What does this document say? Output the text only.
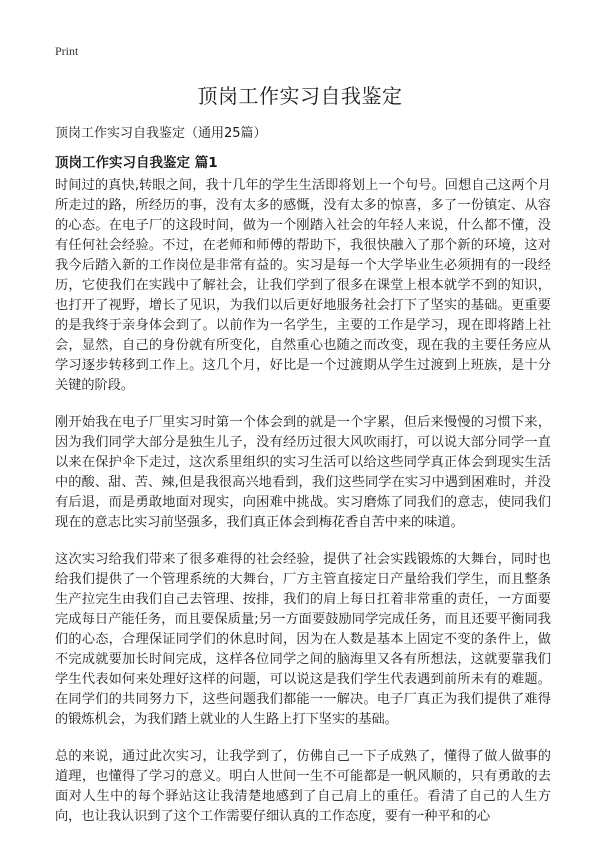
Print
顶岗工作实习自我鉴定

顶岗工作实习自我鉴定（通用25篇）

顶岗工作实习自我鉴定 篇1

时间过的真快,转眼之间，我十几年的学生生活即将划上一个句号。回想自己这两个月所走过的路，所经历的事，没有太多的感慨，没有太多的惊喜，多了一份镇定、从容的心态。在电子厂的这段时间，做为一个刚踏入社会的年轻人来说，什么都不懂，没有任何社会经验。不过，在老师和师傅的帮助下，我很快融入了那个新的环境，这对我今后踏入新的工作岗位是非常有益的。实习是每一个大学毕业生必须拥有的一段经历，它使我们在实践中了解社会，让我们学到了很多在课堂上根本就学不到的知识，也打开了视野，增长了见识，为我们以后更好地服务社会打下了坚实的基础。更重要的是我终于亲身体会到了。以前作为一名学生，主要的工作是学习，现在即将踏上社会，显然，自己的身份就有所变化，自然重心也随之而改变，现在我的主要任务应从学习逐步转移到工作上。这几个月，好比是一个过渡期从学生过渡到上班族，是十分关键的阶段。

刚开始我在电子厂里实习时第一个体会到的就是一个字累，但后来慢慢的习惯下来，因为我们同学大部分是独生儿子，没有经历过很大风吹雨打，可以说大部分同学一直以来在保护伞下走过，这次系里组织的实习生活可以给这些同学真正体会到现实生活中的酸、甜、苦、辣,但是我很高兴地看到，我们这些同学在实习中遇到困难时，并没有后退，而是勇敢地面对现实，向困难中挑战。实习磨炼了同我们的意志，使同我们现在的意志比实习前坚强多，我们真正体会到梅花香自苦中来的味道。

这次实习给我们带来了很多难得的社会经验，提供了社会实践锻炼的大舞台，同时也给我们提供了一个管理系统的大舞台，厂方主管直接定日产量给我们学生，而且整条生产拉完生由我们自己去管理、按排，我们的肩上每日扛着非常重的责任，一方面要完成每日产能任务，而且要保质量;另一方面要鼓励同学完成任务，而且还要平衡同我们的心态，合理保证同学们的休息时间，因为在人数是基本上固定不变的条件上，做不完成就要加长时间完成，这样各位同学之间的脑海里又各有所想法，这就要靠我们学生代表如何来处理好这样的问题，可以说这是我们学生代表遇到前所未有的难题。在同学们的共同努力下，这些问题我们都能一一解决。电子厂真正为我们提供了难得的锻炼机会，为我们踏上就业的人生路上打下坚实的基础。

总的来说，通过此次实习，让我学到了，仿佛自己一下子成熟了，懂得了做人做事的道理，也懂得了学习的意义。明白人世间一生不可能都是一帆风顺的，只有勇敢的去面对人生中的每个驿站这让我清楚地感到了自己肩上的重任。看清了自己的人生方向，也让我认识到了这个工作需要仔细认真的工作态度，要有一种平和的心
